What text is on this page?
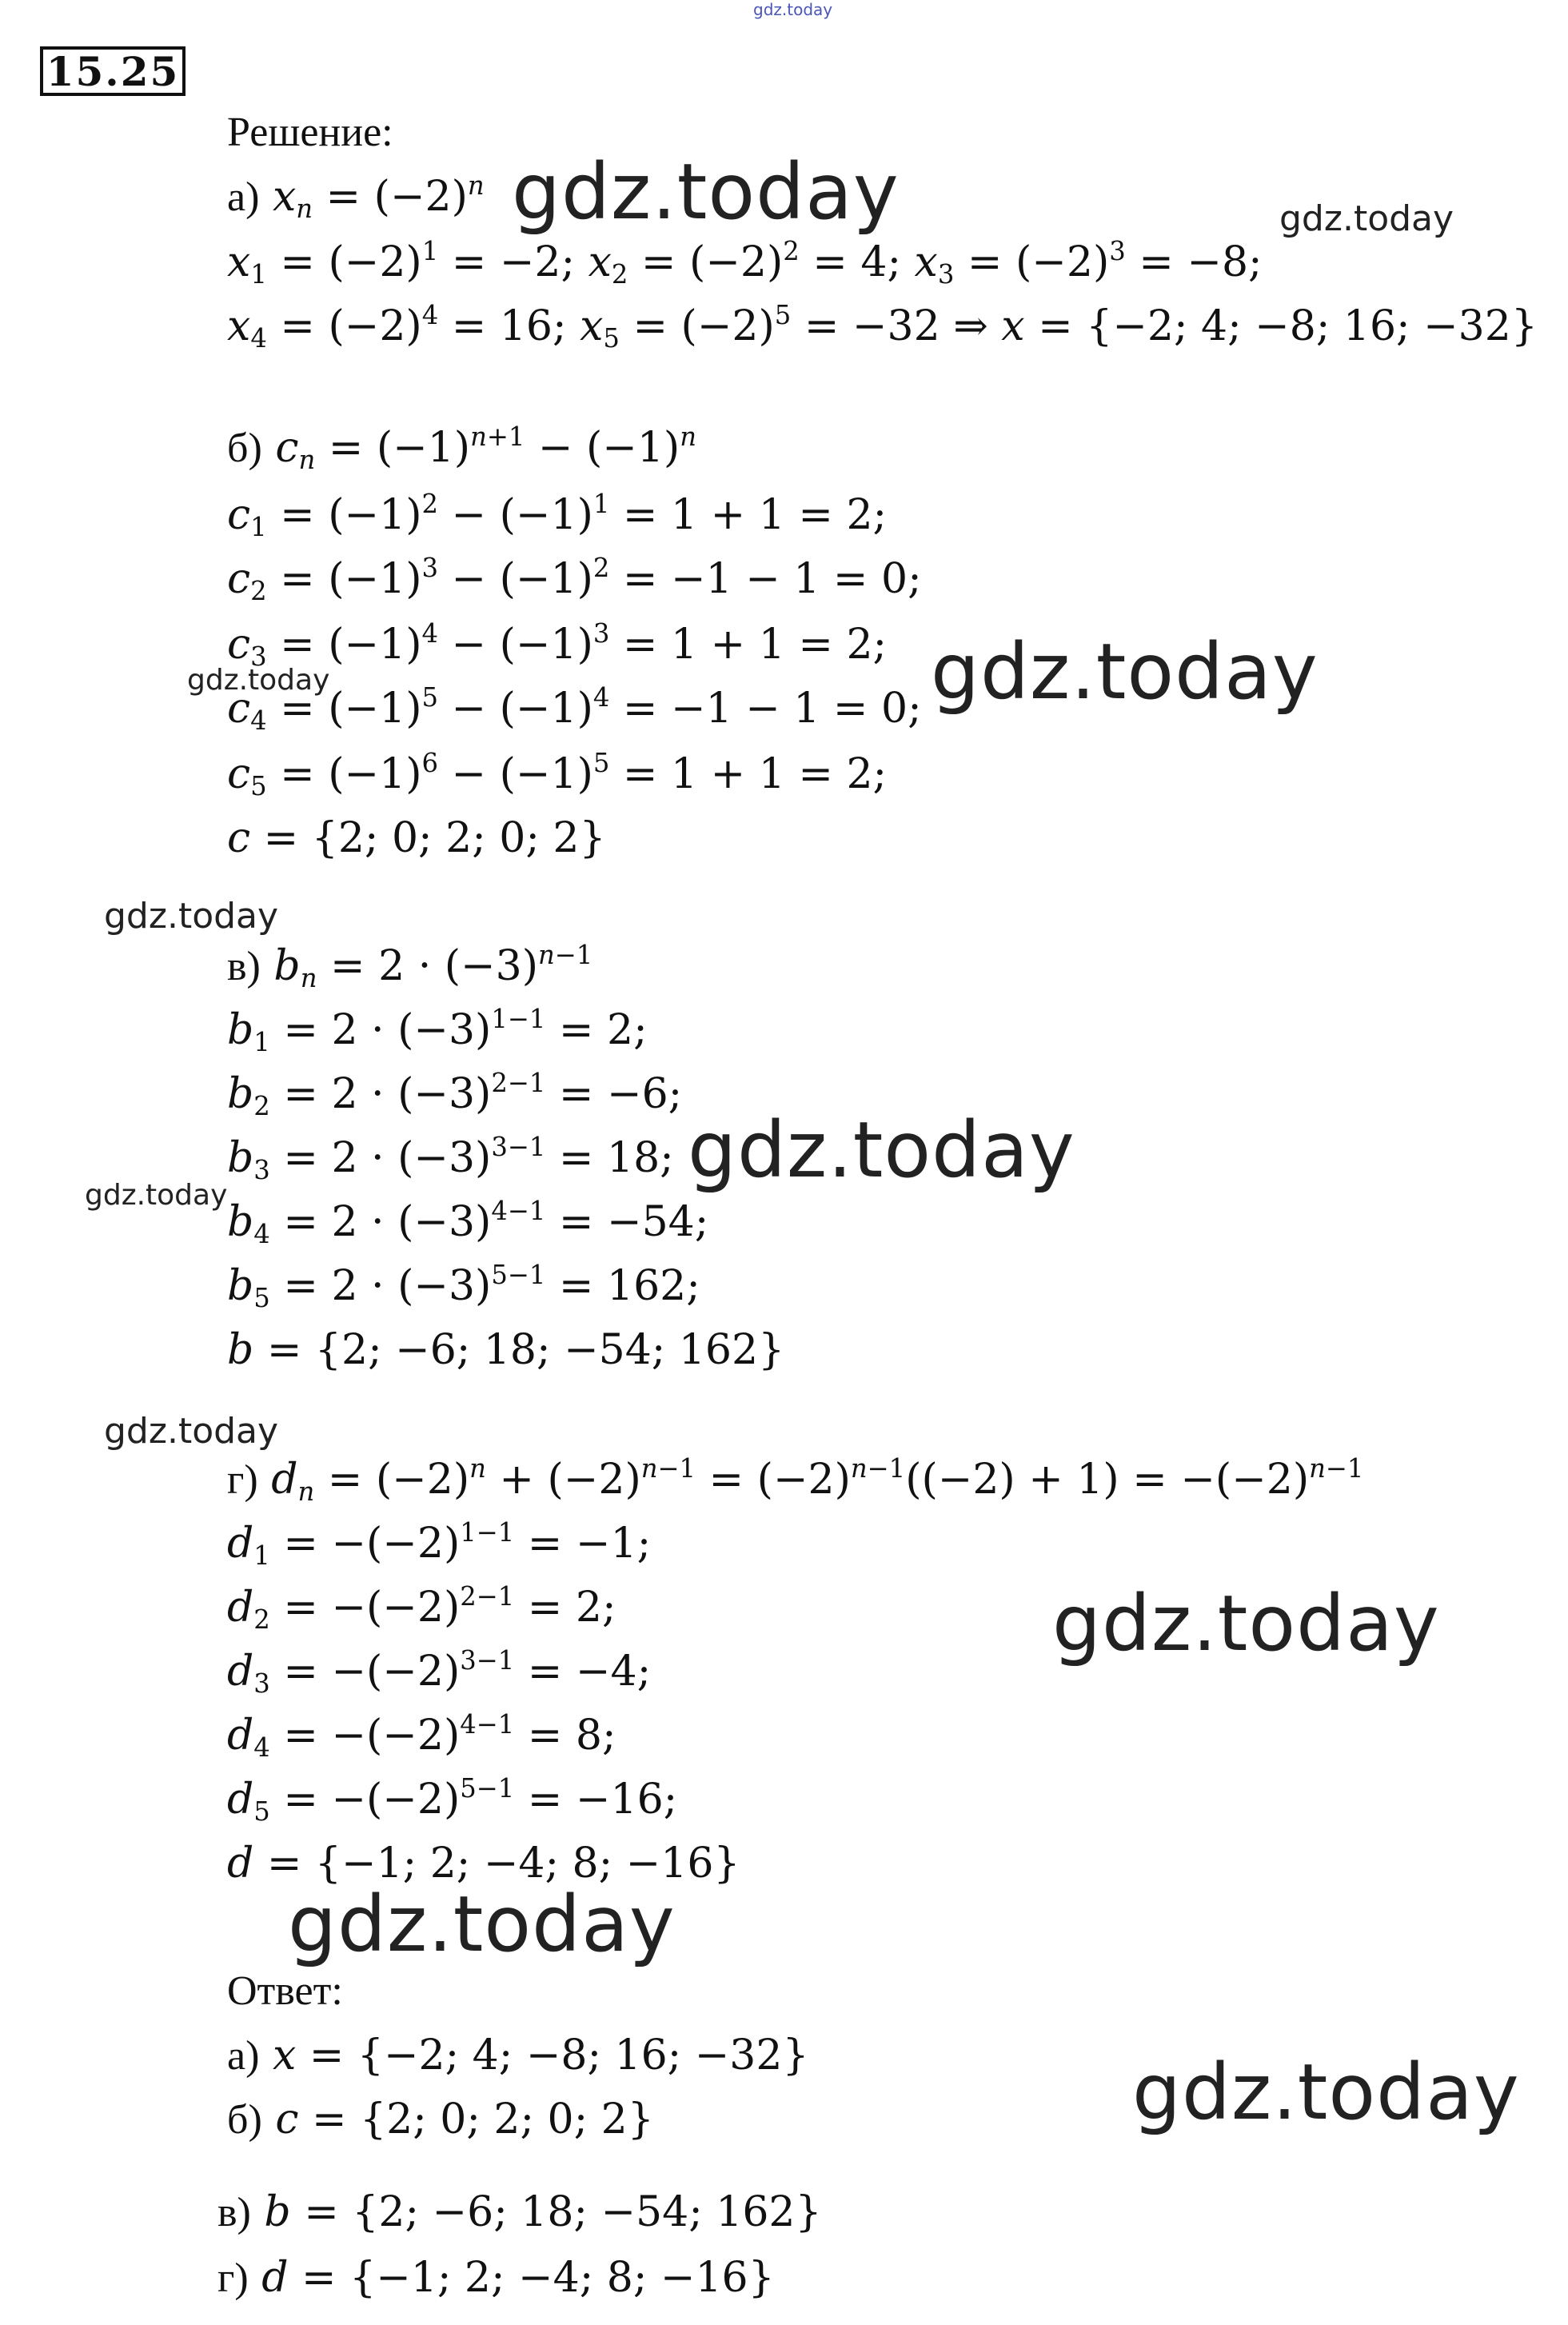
gdz.today
15.25
Решение:
а) $x_n = (-2)^n$
$x_1 = (-2)^1 = -2$; $x_2 = (-2)^2 = 4$; $x_3 = (-2)^3 = -8$;
$x_4 = (-2)^4 = 16$; $x_5 = (-2)^5 = -32$ ⇒ x = {−2; 4; −8; 16; −32}
б) $c_n = (-1)^{n+1} - (-1)^n$
$c_1 = (-1)^2 - (-1)^1 = 1 + 1 = 2$;
$c_2 = (-1)^3 - (-1)^2 = -1 - 1 = 0$;
$c_3 = (-1)^4 - (-1)^3 = 1 + 1 = 2$;
$c_4 = (-1)^5 - (-1)^4 = -1 - 1 = 0$;
$c_5 = (-1)^6 - (-1)^5 = 1 + 1 = 2$;
c = {2; 0; 2; 0; 2}
в) $b_n = 2 \cdot (-3)^{n-1}$
$b_1 = 2 \cdot (-3)^{1-1} = 2$;
$b_2 = 2 \cdot (-3)^{2-1} = -6$;
$b_3 = 2 \cdot (-3)^{3-1} = 18$;
$b_4 = 2 \cdot (-3)^{4-1} = -54$;
$b_5 = 2 \cdot (-3)^{5-1} = 162$;
b = {2; −6; 18; −54; 162}
г) $d_n = (-2)^n + (-2)^{n-1} = (-2)^{n-1}((-2) + 1) = -(-2)^{n-1}$
$d_1 = -(-2)^{1-1} = -1$;
$d_2 = -(-2)^{2-1} = 2$;
$d_3 = -(-2)^{3-1} = -4$;
$d_4 = -(-2)^{4-1} = 8$;
$d_5 = -(-2)^{5-1} = -16$;
d = {−1; 2; −4; 8; −16}
Ответ:
а) x = {−2; 4; −8; 16; −32}
б) c = {2; 0; 2; 0; 2}
в) b = {2; −6; 18; −54; 162}
г) d = {−1; 2; −4; 8; −16}
gdz.today	gdz.today
gdz.today
gdz.today
gdz.today
gdz.today
gdz.today
gdz.today
gdz.today
gdz.today
gdz.today
